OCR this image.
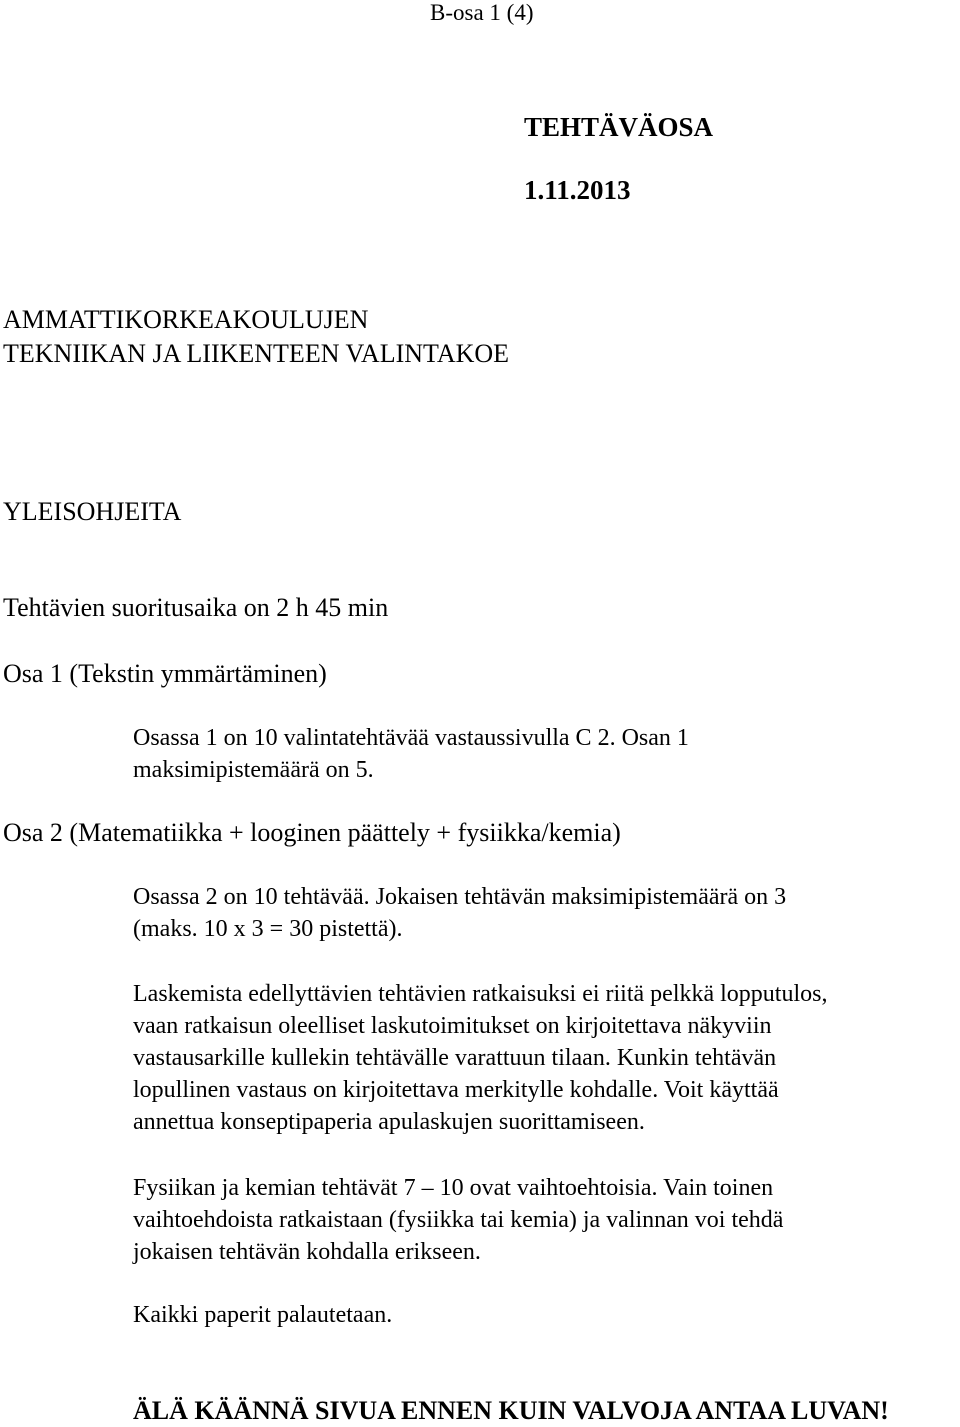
B-osa 1 (4)

TEHTÄVÄOSA

1.11.2013

AMMATTIKORKEAKOULUJEN

TEKNIIKAN JA LIIKENTEEN VALINTAKOE

YLEISOHJEITA

Tehtävien suoritusaika on 2 h 45 min

Osa 1 (Tekstin ymmärtäminen)

Osassa 1 on 10 valintatehtävää vastaussivulla C 2. Osan 1

maksimipistemäärä on 5.

Osa 2 (Matematiikka + looginen päättely + fysiikka/kemia)

Osassa 2 on 10 tehtävää. Jokaisen tehtävän maksimipistemäärä on 3

(maks. 10 x 3 = 30 pistettä).

Laskemista edellyttävien tehtävien ratkaisuksi ei riitä pelkkä lopputulos,

vaan ratkaisun oleelliset laskutoimitukset on kirjoitettava näkyviin

vastausarkille kullekin tehtävälle varattuun tilaan. Kunkin tehtävän

lopullinen vastaus on kirjoitettava merkitylle kohdalle. Voit käyttää

annettua konseptipaperia apulaskujen suorittamiseen.

Fysiikan ja kemian tehtävät 7 – 10 ovat vaihtoehtoisia. Vain toinen

vaihtoehdoista ratkaistaan (fysiikka tai kemia) ja valinnan voi tehdä

jokaisen tehtävän kohdalla erikseen.

Kaikki paperit palautetaan.

ÄLÄ KÄÄNNÄ SIVUA ENNEN KUIN VALVOJA ANTAA LUVAN!
